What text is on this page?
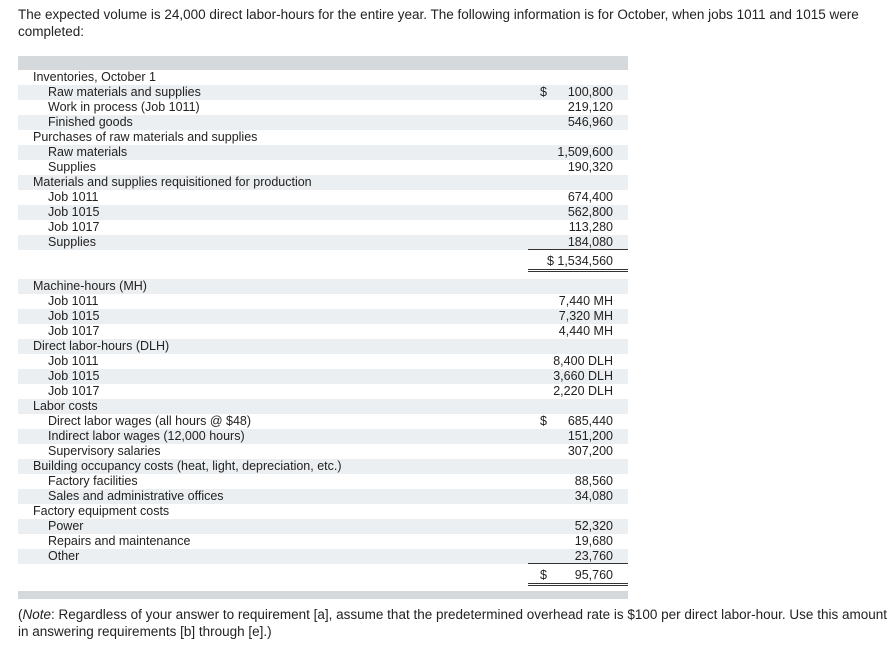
The expected volume is 24,000 direct labor-hours for the entire year. The following information is for October, when jobs 1011 and 1015 were completed:
Inventories, October 1
Raw materials and supplies	$ 100,800
Work in process (Job 1011)	219,120
Finished goods	546,960
Purchases of raw materials and supplies
Raw materials	1,509,600
Supplies	190,320
Materials and supplies requisitioned for production
Job 1011	674,400
Job 1015	562,800
Job 1017	113,280
Supplies	184,080
$ 1,534,560
Machine-hours (MH)
Job 1011	7,440 MH
Job 1015	7,320 MH
Job 1017	4,440 MH
Direct labor-hours (DLH)
Job 1011	8,400 DLH
Job 1015	3,660 DLH
Job 1017	2,220 DLH
Labor costs
Direct labor wages (all hours @ $48)	$ 685,440
Indirect labor wages (12,000 hours)	151,200
Supervisory salaries	307,200
Building occupancy costs (heat, light, depreciation, etc.)
Factory facilities	88,560
Sales and administrative offices	34,080
Factory equipment costs
Power	52,320
Repairs and maintenance	19,680
Other	23,760
$ 95,760
(Note: Regardless of your answer to requirement [a], assume that the predetermined overhead rate is $100 per direct labor-hour. Use this amount in answering requirements [b] through [e].)
